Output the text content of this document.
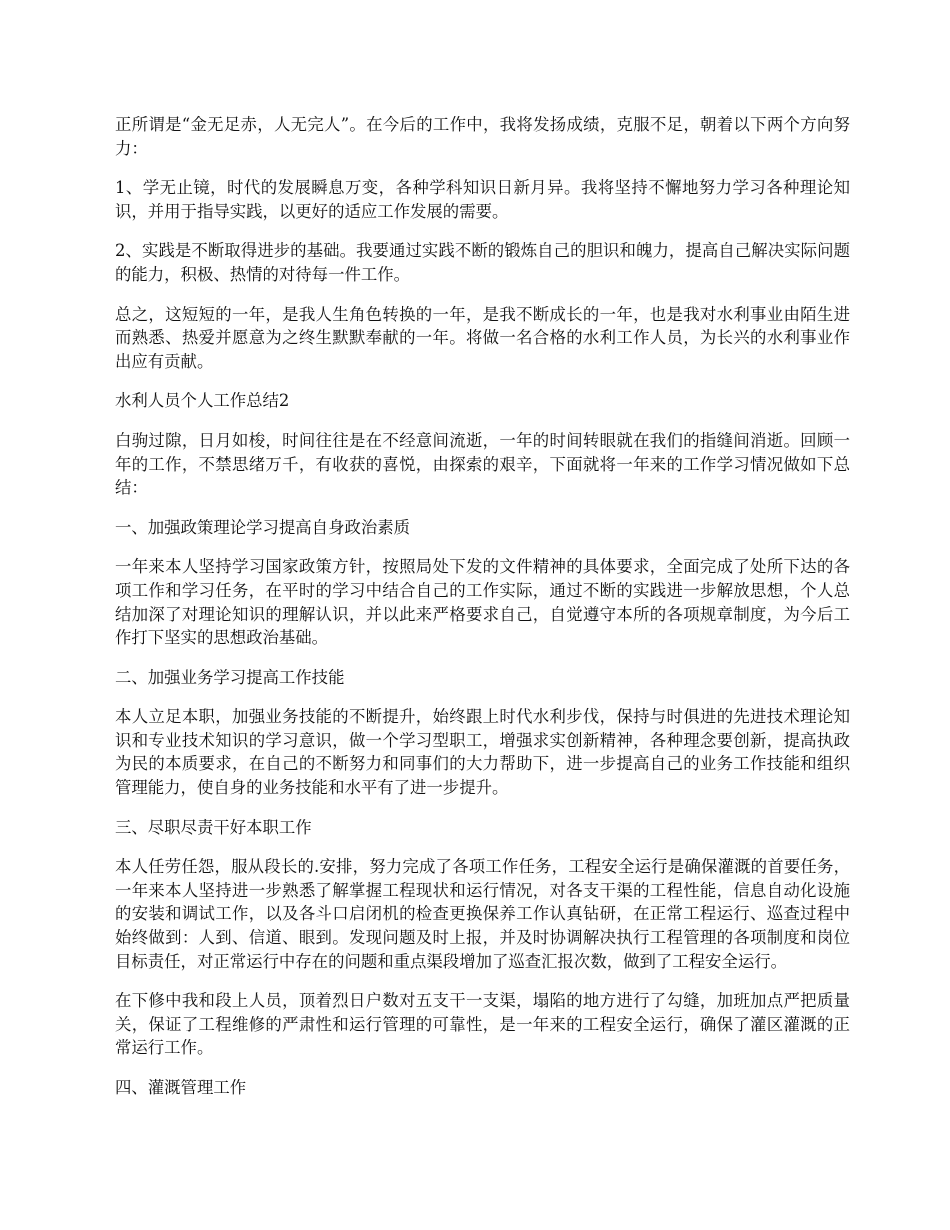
正所谓是“金无足赤，人无完人”。在今后的工作中，我将发扬成绩，克服不足，朝着以下两个方向努力：

1、学无止镜，时代的发展瞬息万变，各种学科知识日新月异。我将坚持不懈地努力学习各种理论知识，并用于指导实践，以更好的适应工作发展的需要。

2、实践是不断取得进步的基础。我要通过实践不断的锻炼自己的胆识和魄力，提高自己解决实际问题的能力，积极、热情的对待每一件工作。

总之，这短短的一年，是我人生角色转换的一年，是我不断成长的一年，也是我对水利事业由陌生进而熟悉、热爱并愿意为之终生默默奉献的一年。将做一名合格的水利工作人员，为长兴的水利事业作出应有贡献。

水利人员个人工作总结2

白驹过隙，日月如梭，时间往往是在不经意间流逝，一年的时间转眼就在我们的指缝间消逝。回顾一年的工作，不禁思绪万千，有收获的喜悦，由探索的艰辛，下面就将一年来的工作学习情况做如下总结：

一、加强政策理论学习提高自身政治素质

一年来本人坚持学习国家政策方针，按照局处下发的文件精神的具体要求，全面完成了处所下达的各项工作和学习任务，在平时的学习中结合自己的工作实际，通过不断的实践进一步解放思想，个人总结加深了对理论知识的理解认识，并以此来严格要求自己，自觉遵守本所的各项规章制度，为今后工作打下坚实的思想政治基础。

二、加强业务学习提高工作技能

本人立足本职，加强业务技能的不断提升，始终跟上时代水利步伐，保持与时俱进的先进技术理论知识和专业技术知识的学习意识，做一个学习型职工，增强求实创新精神，各种理念要创新，提高执政为民的本质要求，在自己的不断努力和同事们的大力帮助下，进一步提高自己的业务工作技能和组织管理能力，使自身的业务技能和水平有了进一步提升。

三、尽职尽责干好本职工作

本人任劳任怨，服从段长的.安排，努力完成了各项工作任务，工程安全运行是确保灌溉的首要任务，一年来本人坚持进一步熟悉了解掌握工程现状和运行情况，对各支干渠的工程性能，信息自动化设施的安装和调试工作，以及各斗口启闭机的检查更换保养工作认真钻研，在正常工程运行、巡查过程中始终做到：人到、信道、眼到。发现问题及时上报，并及时协调解决执行工程管理的各项制度和岗位目标责任，对正常运行中存在的问题和重点渠段增加了巡查汇报次数，做到了工程安全运行。

在下修中我和段上人员，顶着烈日户数对五支干一支渠，塌陷的地方进行了勾缝，加班加点严把质量关，保证了工程维修的严肃性和运行管理的可靠性，是一年来的工程安全运行，确保了灌区灌溉的正常运行工作。

四、灌溉管理工作
